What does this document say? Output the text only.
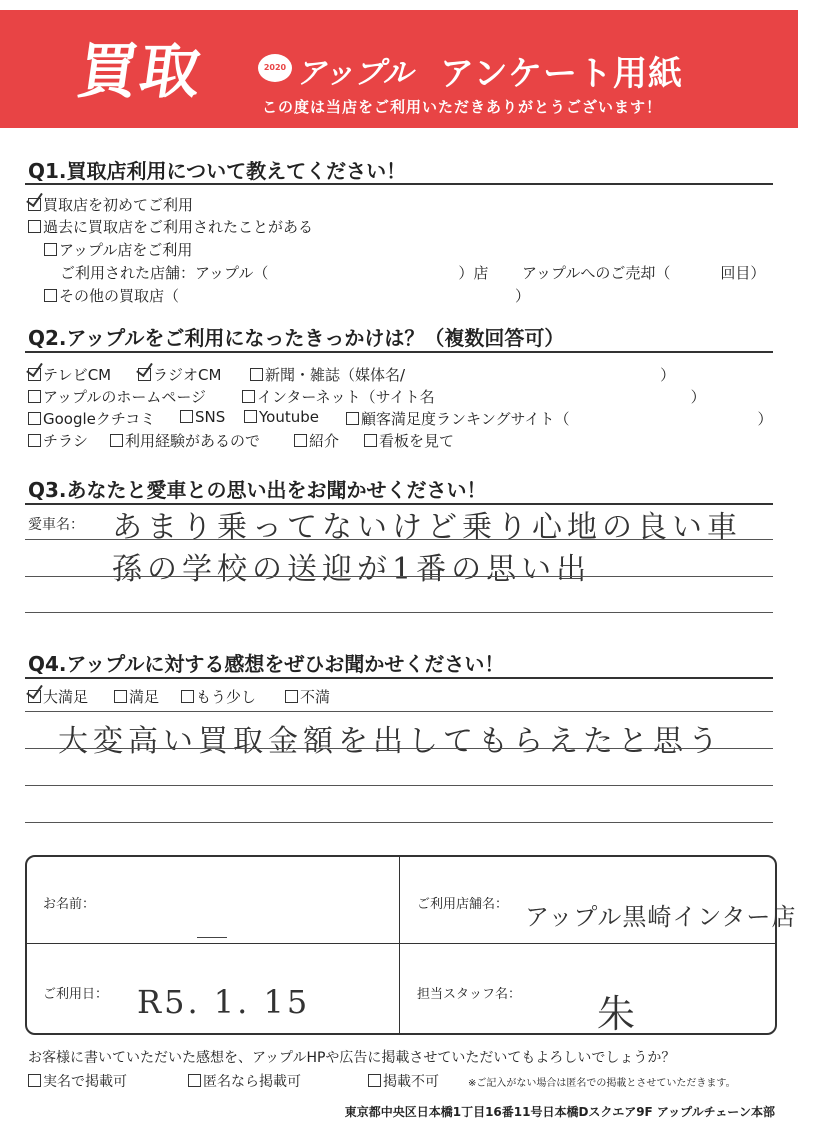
買取	2020 アップル アンケート用紙
この度は当店をご利用いただきありがとうございます！
Q1.買取店利用について教えてください！
買取店を初めてご利用
過去に買取店をご利用されたことがある
アップル店をご利用
ご利用された店舗：アップル（	）店 アップルへのご売却（	回目）
その他の買取店（	）
Q2.アップルをご利用になったきっかけは？（複数回答可）
テレビCM	ラジオCM	新聞・雑誌（媒体名/	）
アップルのホームページ	インターネット（サイト名	）
Googleクチコミ	SNS	Youtube	顧客満足度ランキングサイト（	）
チラシ	利用経験があるので	紹介	看板を見て
Q3.あなたと愛車との思い出をお聞かせください！
愛車名： あまり乗ってないけど乗り心地の良い車
孫の学校の送迎が1番の思い出
Q4.アップルに対する感想をぜひお聞かせください！
大満足	満足	もう少し	不満
大変高い買取金額を出してもらえたと思う
お名前：	ご利用店舗名： アップル黒崎インター店
ご利用日： R5. 1. 15	担当スタッフ名： 朱
お客様に書いていただいた感想を、アップルHPや広告に掲載させていただいてもよろしいでしょうか？
実名で掲載可	匿名なら掲載可	掲載不可	※ご記入がない場合は匿名での掲載とさせていただきます。
東京都中央区日本橋1丁目16番11号日本橋Dスクエア9F アップルチェーン本部
